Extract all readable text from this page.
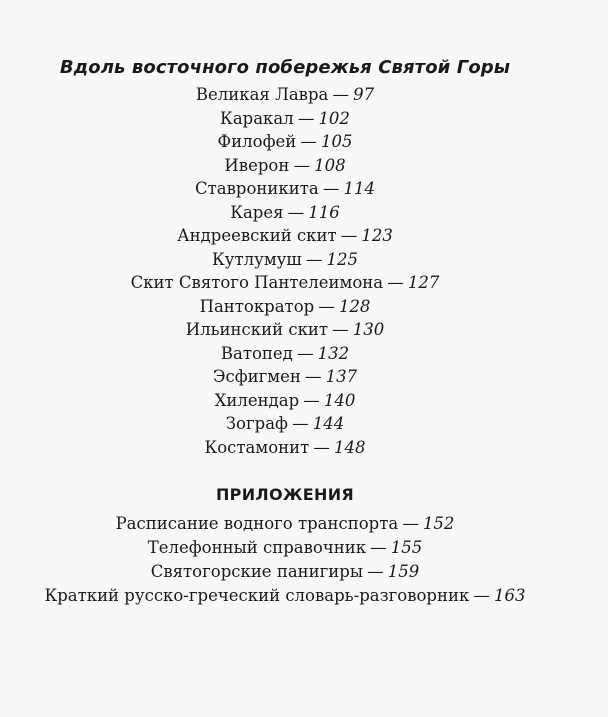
Вдоль восточного побережья Святой Горы
Великая Лавра — 97
Каракал — 102
Филофей — 105
Иверон — 108
Ставроникита — 114
Карея — 116
Андреевский скит — 123
Кутлумуш — 125
Скит Святого Пантелеимона — 127
Пантократор — 128
Ильинский скит — 130
Ватопед — 132
Эсфигмен — 137
Хилендар — 140
Зограф — 144
Костамонит — 148
ПРИЛОЖЕНИЯ
Расписание водного транспорта — 152
Телефонный справочник — 155
Святогорские панигиры — 159
Краткий русско-греческий словарь-разговорник — 163
